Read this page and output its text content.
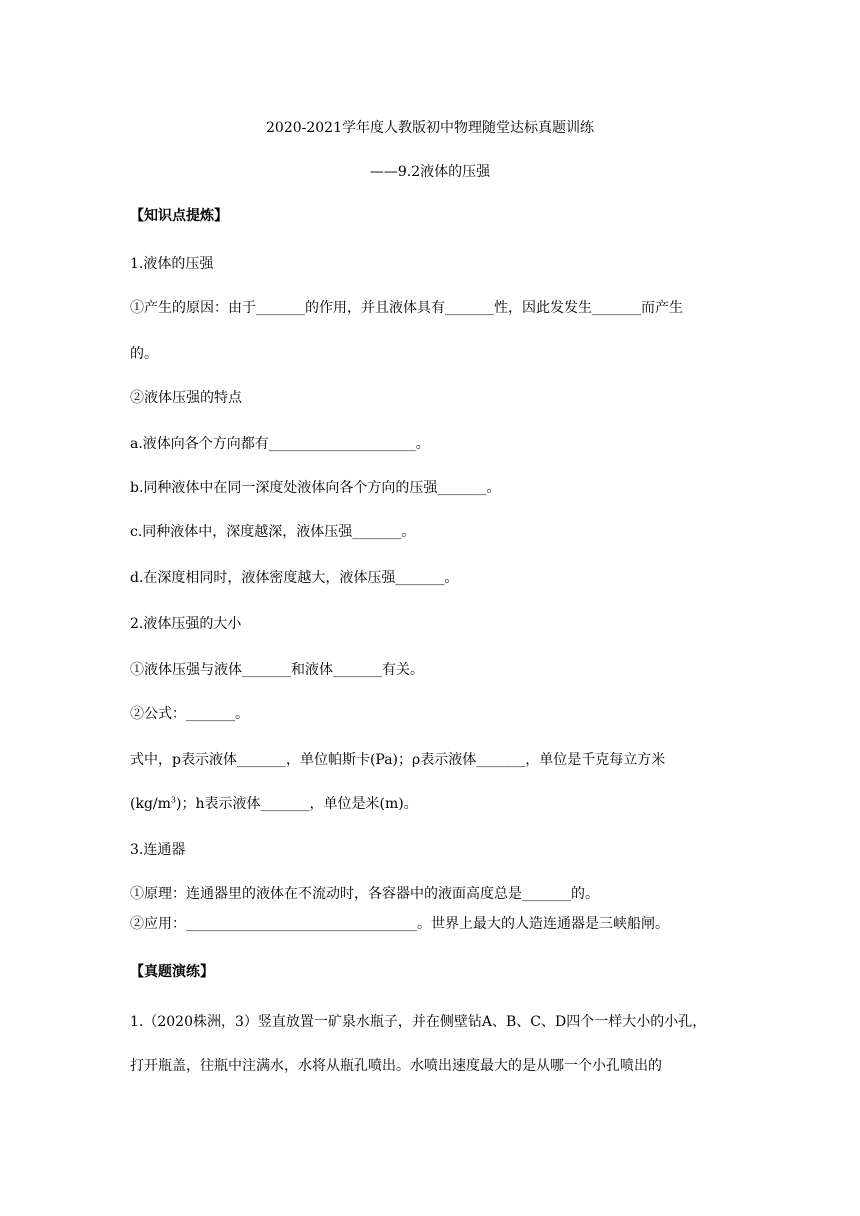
2020-2021学年度人教版初中物理随堂达标真题训练
——9.2液体的压强
【知识点提炼】
1.液体的压强
①产生的原因：由于_______的作用，并且液体具有_______性，因此发发生_______而产生
的。
②液体压强的特点
a.液体向各个方向都有_____________________。
b.同种液体中在同一深度处液体向各个方向的压强_______。
c.同种液体中，深度越深，液体压强_______。
d.在深度相同时，液体密度越大，液体压强_______。
2.液体压强的大小
①液体压强与液体_______和液体_______有关。
②公式：_______。
式中，p表示液体_______，单位帕斯卡(Pa)；ρ表示液体_______，单位是千克每立方米
$(kg/m^3)$；h表示液体_______，单位是米(m)。
3.连通器
①原理：连通器里的液体在不流动时，各容器中的液面高度总是_______的。
②应用：_________________________________。世界上最大的人造连通器是三峡船闸。
【真题演练】
1.（2020株洲，3）竖直放置一矿泉水瓶子，并在侧壁钻A、B、C、D四个一样大小的小孔，
打开瓶盖，往瓶中注满水，水将从瓶孔喷出。水喷出速度最大的是从哪一个小孔喷出的
